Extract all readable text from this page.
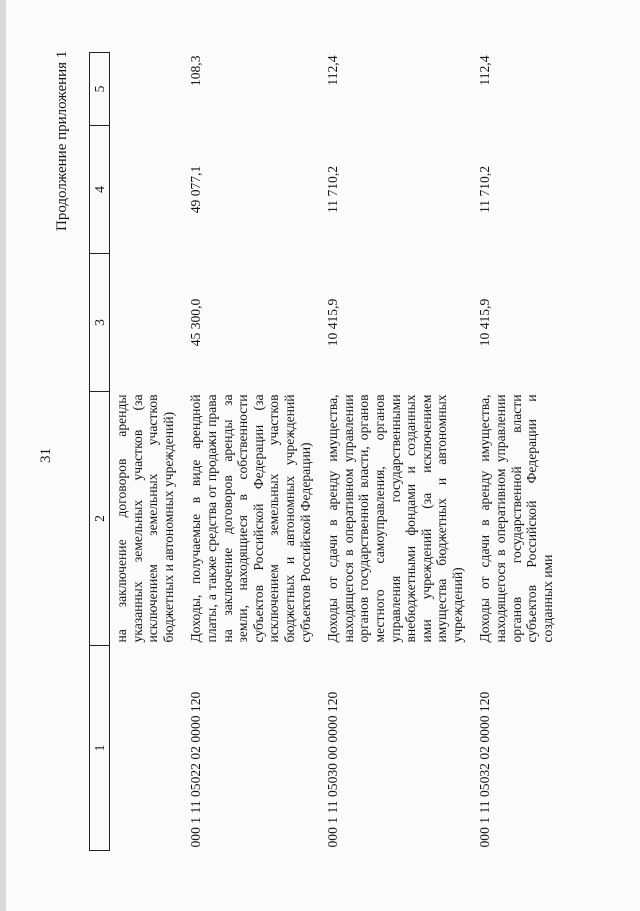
31
Продолжение приложения 1
1	2	3	4	5
	на заключение договоров аренды указанных земельных участков (за исключением земельных участков бюджетных и автономных учреждений)			
000 1 11 05022 02 0000 120	Доходы, получаемые в виде арендной платы, а также средства от продажи права на заключение договоров аренды за земли, находящиеся в собственности субъектов Российской Федерации (за исключением земельных участков бюджетных и автономных учреждений субъектов Российской Федерации)	45 300,0	49 077,1	108,3
000 1 11 05030 00 0000 120	Доходы от сдачи в аренду имущества, находящегося в оперативном управлении органов государственной власти, органов местного самоуправления, органов управления государственными внебюджетными фондами и созданных ими учреждений (за исключением имущества бюджетных и автономных учреждений)	10 415,9	11 710,2	112,4
000 1 11 05032 02 0000 120	Доходы от сдачи в аренду имущества, находящегося в оперативном управлении органов государственной власти субъектов Российской Федерации и созданных ими	10 415,9	11 710,2	112,4
